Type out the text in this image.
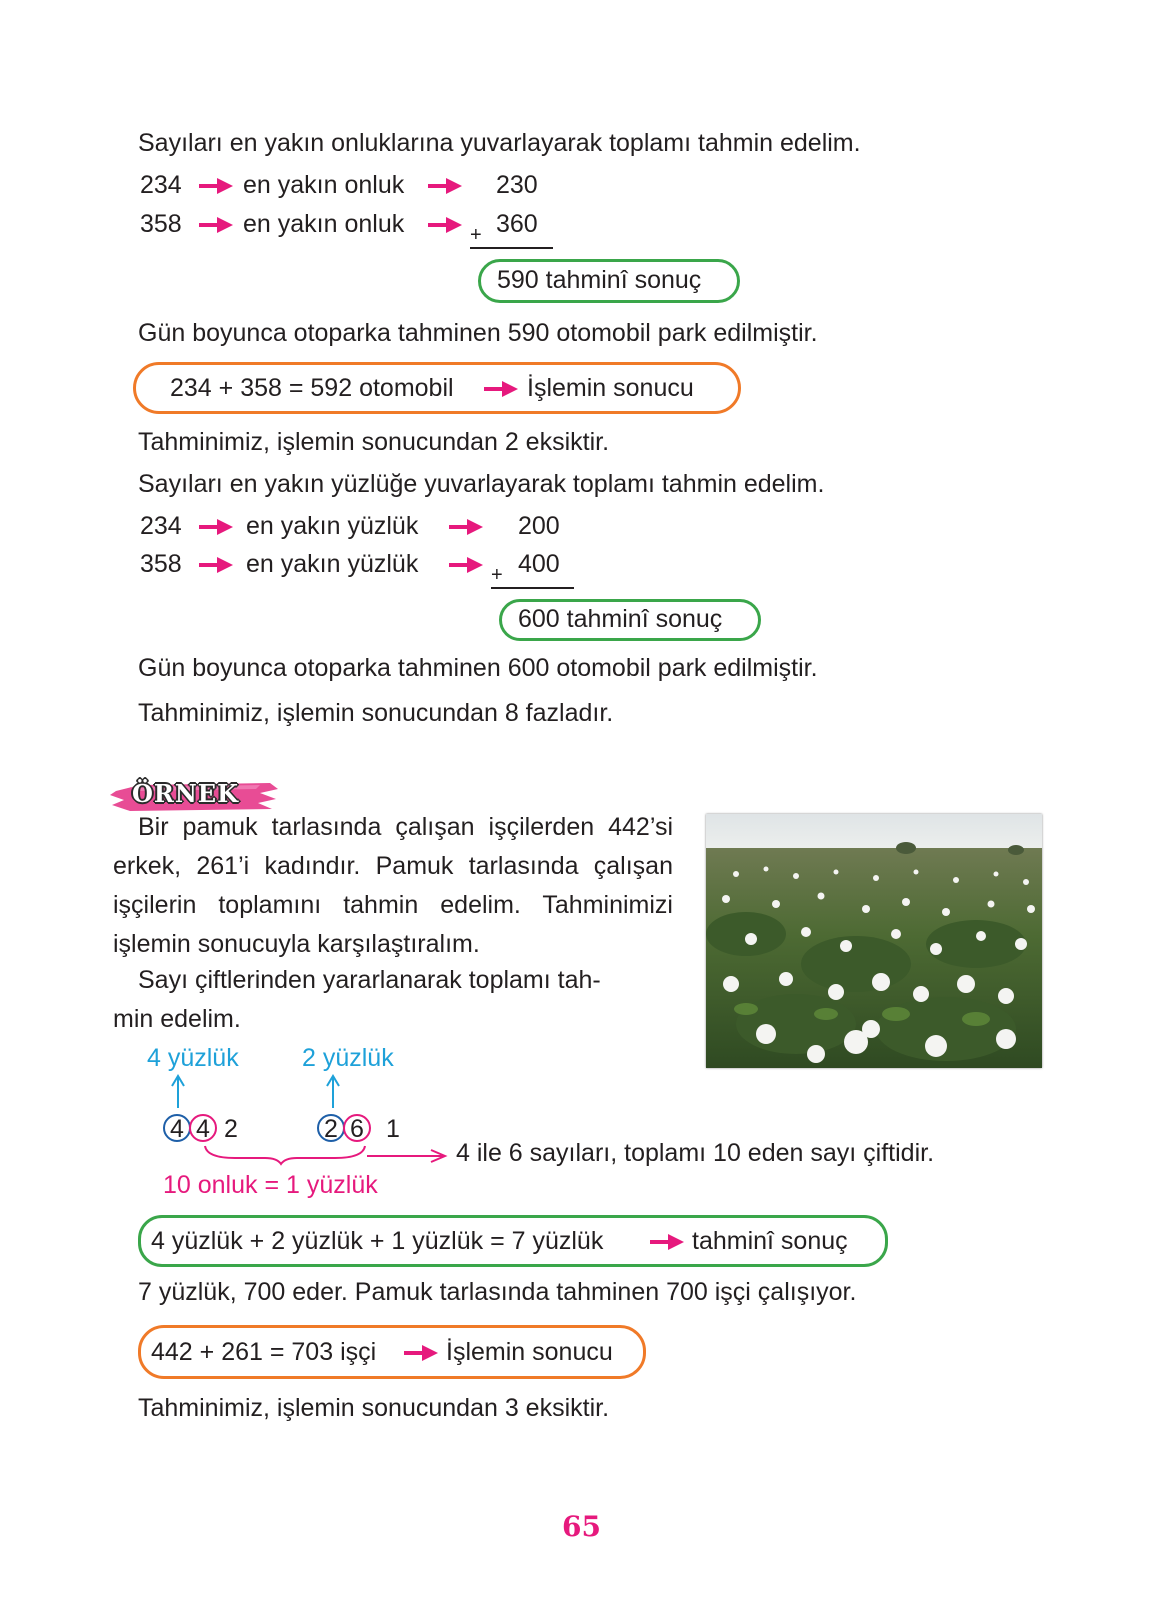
Sayıları en yakın onluklarına yuvarlayarak toplamı tahmin edelim.
234 en yakın onluk	230
358 en yakın onluk	+ 360
590 tahminî sonuç
Gün boyunca otoparka tahminen 590 otomobil park edilmiştir.
234 + 358 = 592 otomobil	İşlemin sonucu
Tahminimiz, işlemin sonucundan 2 eksiktir.
Sayıları en yakın yüzlüğe yuvarlayarak toplamı tahmin edelim.
234	en yakın yüzlük	200
358	en yakın yüzlük	+ 400
600 tahminî sonuç
Gün boyunca otoparka tahminen 600 otomobil park edilmiştir.
Tahminimiz, işlemin sonucundan 8 fazladır.
ÖRNEK
Bir pamuk tarlasında çalışan işçilerden 442’si erkek, 261’i kadındır. Pamuk tarlasında çalışan işçilerin toplamını tahmin edelim. Tahminimizi işlemin sonucuyla karşılaştıralım.
Sayı çiftlerinden yararlanarak toplamı tah-
min edelim.
4 yüzlük	2 yüzlük
4 4 2	2 6 1
4 ile 6 sayıları, toplamı 10 eden sayı çiftidir.
10 onluk = 1 yüzlük
4 yüzlük + 2 yüzlük + 1 yüzlük = 7 yüzlük	tahminî sonuç
7 yüzlük, 700 eder. Pamuk tarlasında tahminen 700 işçi çalışıyor.
442 + 261 = 703 işçi	İşlemin sonucu
Tahminimiz, işlemin sonucundan 3 eksiktir.
65
